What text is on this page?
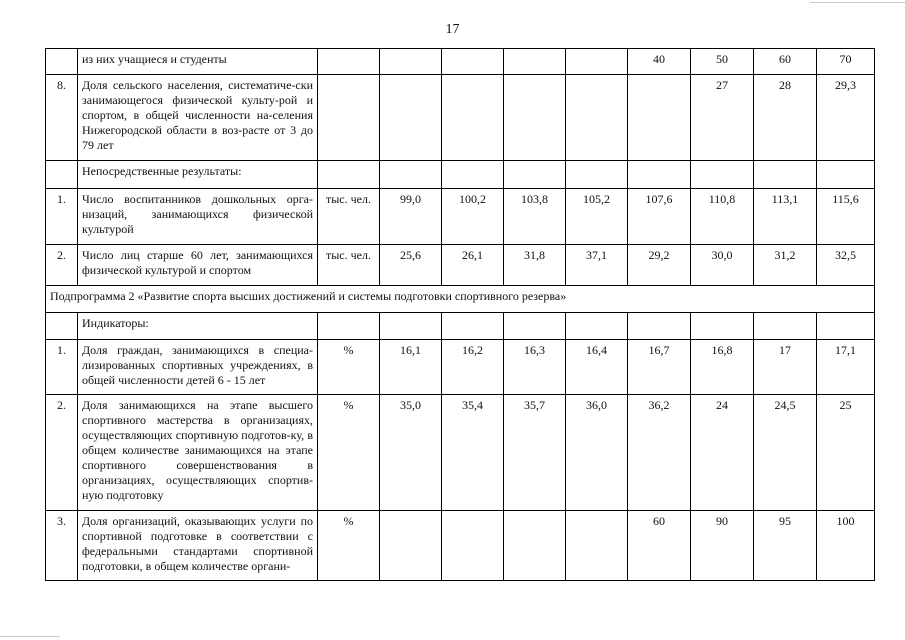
17
	из них учащиеся и студенты						40	50	60	70
8.	Доля сельского населения, систематиче-ски занимающегося физической культу-рой и спортом, в общей численности на-селения Нижегородской области в воз-расте от 3 до 79 лет							27	28	29,3
	Непосредственные результаты:									
1.	Число воспитанников дошкольных орга-низаций, занимающихся физической культурой	тыс. чел.	99,0	100,2	103,8	105,2	107,6	110,8	113,1	115,6
2.	Число лиц старше 60 лет, занимающихся физической культурой и спортом	тыс. чел.	25,6	26,1	31,8	37,1	29,2	30,0	31,2	32,5
Подпрограмма 2 «Развитие спорта высших достижений и системы подготовки спортивного резерва»										
	Индикаторы:									
1.	Доля граждан, занимающихся в специа-лизированных спортивных учреждениях, в общей численности детей 6 - 15 лет	%	16,1	16,2	16,3	16,4	16,7	16,8	17	17,1
2.	Доля занимающихся на этапе высшего спортивного мастерства в организациях, осуществляющих спортивную подготов-ку, в общем количестве занимающихся на этапе спортивного совершенствования в организациях, осуществляющих спортив-ную подготовку	%	35,0	35,4	35,7	36,0	36,2	24	24,5	25
3.	Доля организаций, оказывающих услуги по спортивной подготовке в соответствии с федеральными стандартами спортивной подготовки, в общем количестве органи-	%					60	90	95	100
